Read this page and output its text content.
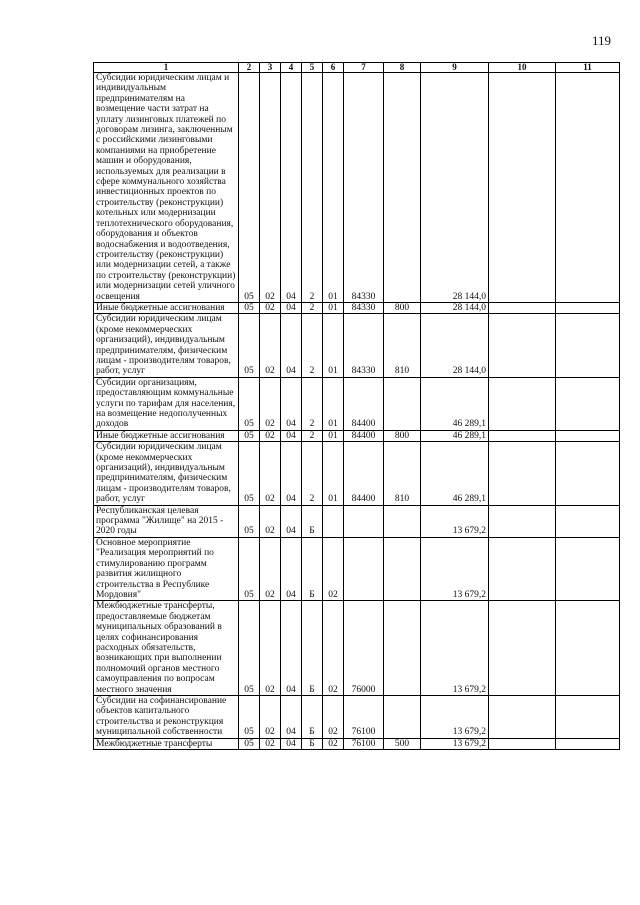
119
1	2	3	4	5	6	7	8	9	10	11
Субсидии юридическим лицам и индивидуальным предпринимателям на возмещение части затрат на уплату лизинговых платежей по договорам лизинга, заключенным с российскими лизинговыми компаниями на приобретение машин и оборудования, используемых для реализации в сфере коммунального хозяйства инвестиционных проектов по строительству (реконструкции) котельных или модернизации теплотехнического оборудования, оборудования и объектов водоснабжения и водоотведения, строительству (реконструкции) или модернизации сетей, а также по строительству (реконструкции) или модернизации сетей уличного освещения	05	02	04	2	01	84330		28 144,0		
Иные бюджетные ассигнования	05	02	04	2	01	84330	800	28 144,0		
Субсидии юридическим лицам (кроме некоммерческих организаций), индивидуальным предпринимателям, физическим лицам - производителям товаров, работ, услуг	05	02	04	2	01	84330	810	28 144,0		
Субсидии организациям, предоставляющим коммунальные услуги по тарифам для населения, на возмещение недополученных доходов	05	02	04	2	01	84400		46 289,1		
Иные бюджетные ассигнования	05	02	04	2	01	84400	800	46 289,1		
Субсидии юридическим лицам (кроме некоммерческих организаций), индивидуальным предпринимателям, физическим лицам - производителям товаров, работ, услуг	05	02	04	2	01	84400	810	46 289,1		
Республиканская целевая программа "Жилище" на 2015 - 2020 годы	05	02	04	Б				13 679,2		
Основное мероприятие "Реализация мероприятий по стимулированию программ развития жилищного строительства в Республике Мордовия"	05	02	04	Б	02			13 679,2		
Межбюджетные трансферты, предоставляемые бюджетам муниципальных образований в целях софинансирования расходных обязательств, возникающих при выполнении полномочий органов местного самоуправления по вопросам местного значения	05	02	04	Б	02	76000		13 679,2		
Субсидии на софинансирование объектов капитального строительства и реконструкция муниципальной собственности	05	02	04	Б	02	76100		13 679,2		
Межбюджетные трансферты	05	02	04	Б	02	76100	500	13 679,2		
